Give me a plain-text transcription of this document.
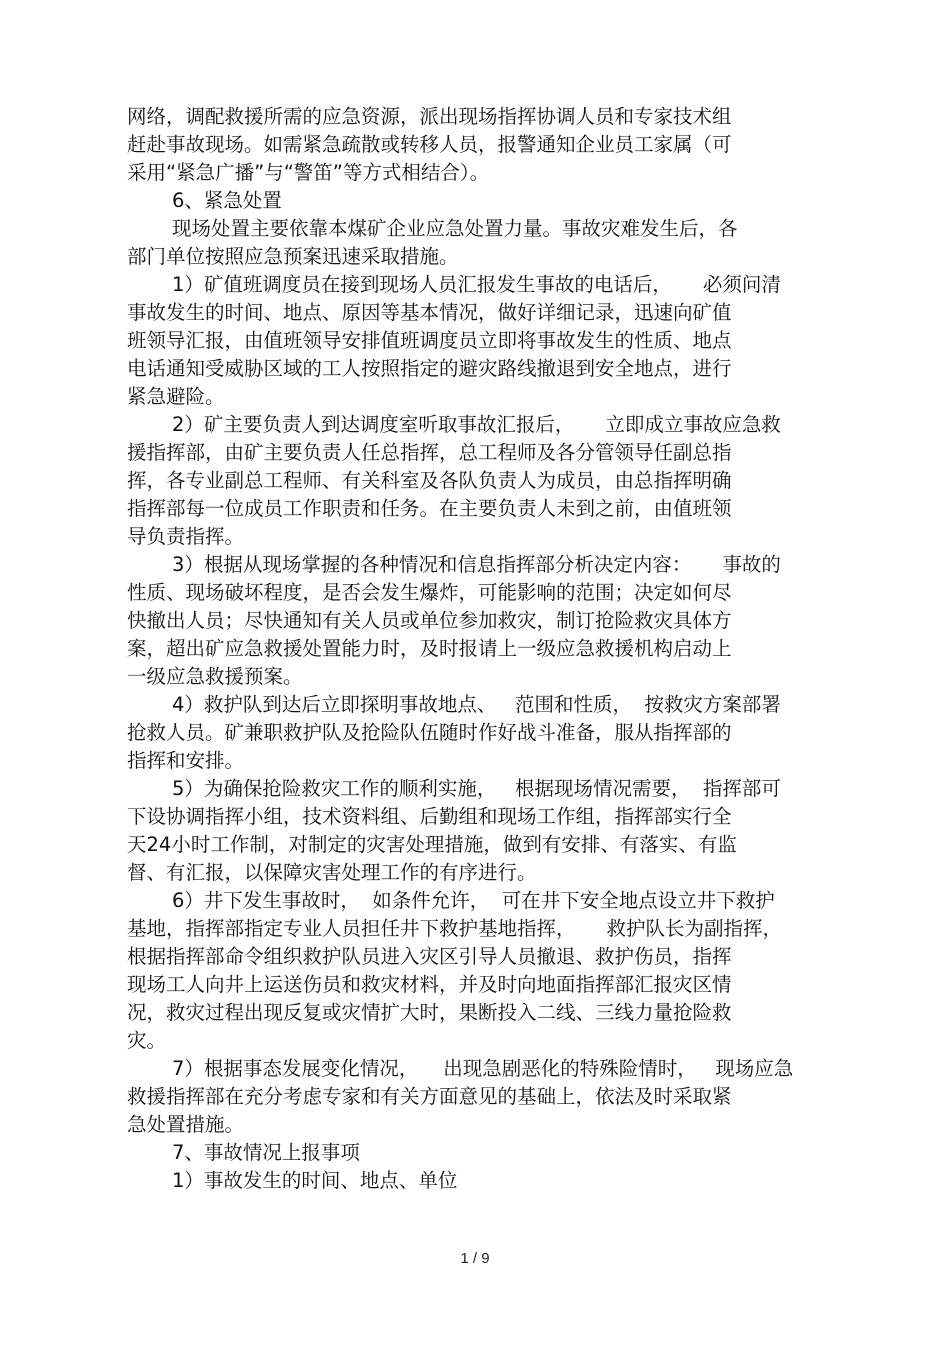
网络，调配救援所需的应急资源，派出现场指挥协调人员和专家技术组
赶赴事故现场。如需紧急疏散或转移人员，报警通知企业员工家属（可
采用“紧急广播”与“警笛”等方式相结合）。
6、紧急处置
现场处置主要依靠本煤矿企业应急处置力量。事故灾难发生后，各
部门单位按照应急预案迅速采取措施。
1）矿值班调度员在接到现场人员汇报发生事故的电话后，     必须问清
事故发生的时间、地点、原因等基本情况，做好详细记录，迅速向矿值
班领导汇报，由值班领导安排值班调度员立即将事故发生的性质、地点
电话通知受威胁区域的工人按照指定的避灾路线撤退到安全地点，进行
紧急避险。
2）矿主要负责人到达调度室听取事故汇报后，     立即成立事故应急救
援指挥部，由矿主要负责人任总指挥，总工程师及各分管领导任副总指
挥，各专业副总工程师、有关科室及各队负责人为成员，由总指挥明确
指挥部每一位成员工作职责和任务。在主要负责人未到之前，由值班领
导负责指挥。
3）根据从现场掌握的各种情况和信息指挥部分析决定内容：     事故的
性质、现场破坏程度，是否会发生爆炸，可能影响的范围；决定如何尽
快撤出人员；尽快通知有关人员或单位参加救灾，制订抢险救灾具体方
案，超出矿应急救援处置能力时，及时报请上一级应急救援机构启动上
一级应急救援预案。
4）救护队到达后立即探明事故地点、   范围和性质，  按救灾方案部署
抢救人员。矿兼职救护队及抢险队伍随时作好战斗准备，服从指挥部的
指挥和安排。
5）为确保抢险救灾工作的顺利实施，   根据现场情况需要，  指挥部可
下设协调指挥小组，技术资料组、后勤组和现场工作组，指挥部实行全
天24小时工作制，对制定的灾害处理措施，做到有安排、有落实、有监
督、有汇报，以保障灾害处理工作的有序进行。
6）井下发生事故时，  如条件允许，  可在井下安全地点设立井下救护
基地，指挥部指定专业人员担任井下救护基地指挥，     救护队长为副指挥，
根据指挥部命令组织救护队员进入灾区引导人员撤退、救护伤员，指挥
现场工人向井上运送伤员和救灾材料，并及时向地面指挥部汇报灾区情
况，救灾过程出现反复或灾情扩大时，果断投入二线、三线力量抢险救
灾。
7）根据事态发展变化情况，    出现急剧恶化的特殊险情时，   现场应急
救援指挥部在充分考虑专家和有关方面意见的基础上，依法及时采取紧
急处置措施。
7、事故情况上报事项
1）事故发生的时间、地点、单位
1 / 9
